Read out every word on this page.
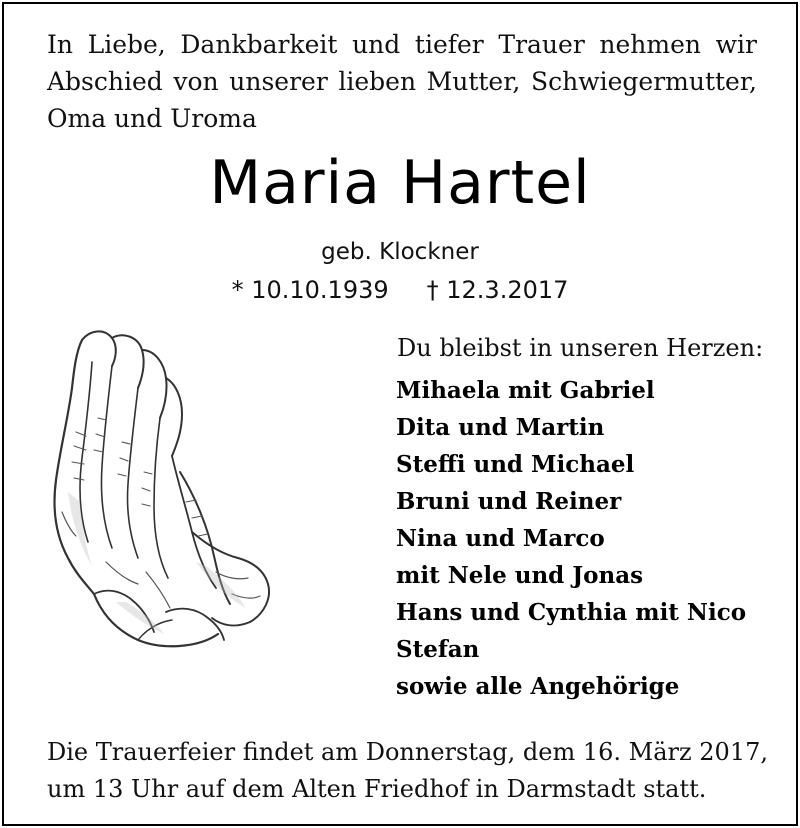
In Liebe, Dankbarkeit und tiefer Trauer nehmen wir
Abschied von unserer lieben Mutter, Schwiegermutter,
Oma und Uroma
Maria Hartel
geb. Klockner
* 10.10.1939 † 12.3.2017
Du bleibst in unseren Herzen:
Mihaela mit Gabriel
Dita und Martin
Steffi und Michael
Bruni und Reiner
Nina und Marco
mit Nele und Jonas
Hans und Cynthia mit Nico
Stefan
sowie alle Angehörige
Die Trauerfeier findet am Donnerstag, dem 16. März 2017,
um 13 Uhr auf dem Alten Friedhof in Darmstadt statt.
